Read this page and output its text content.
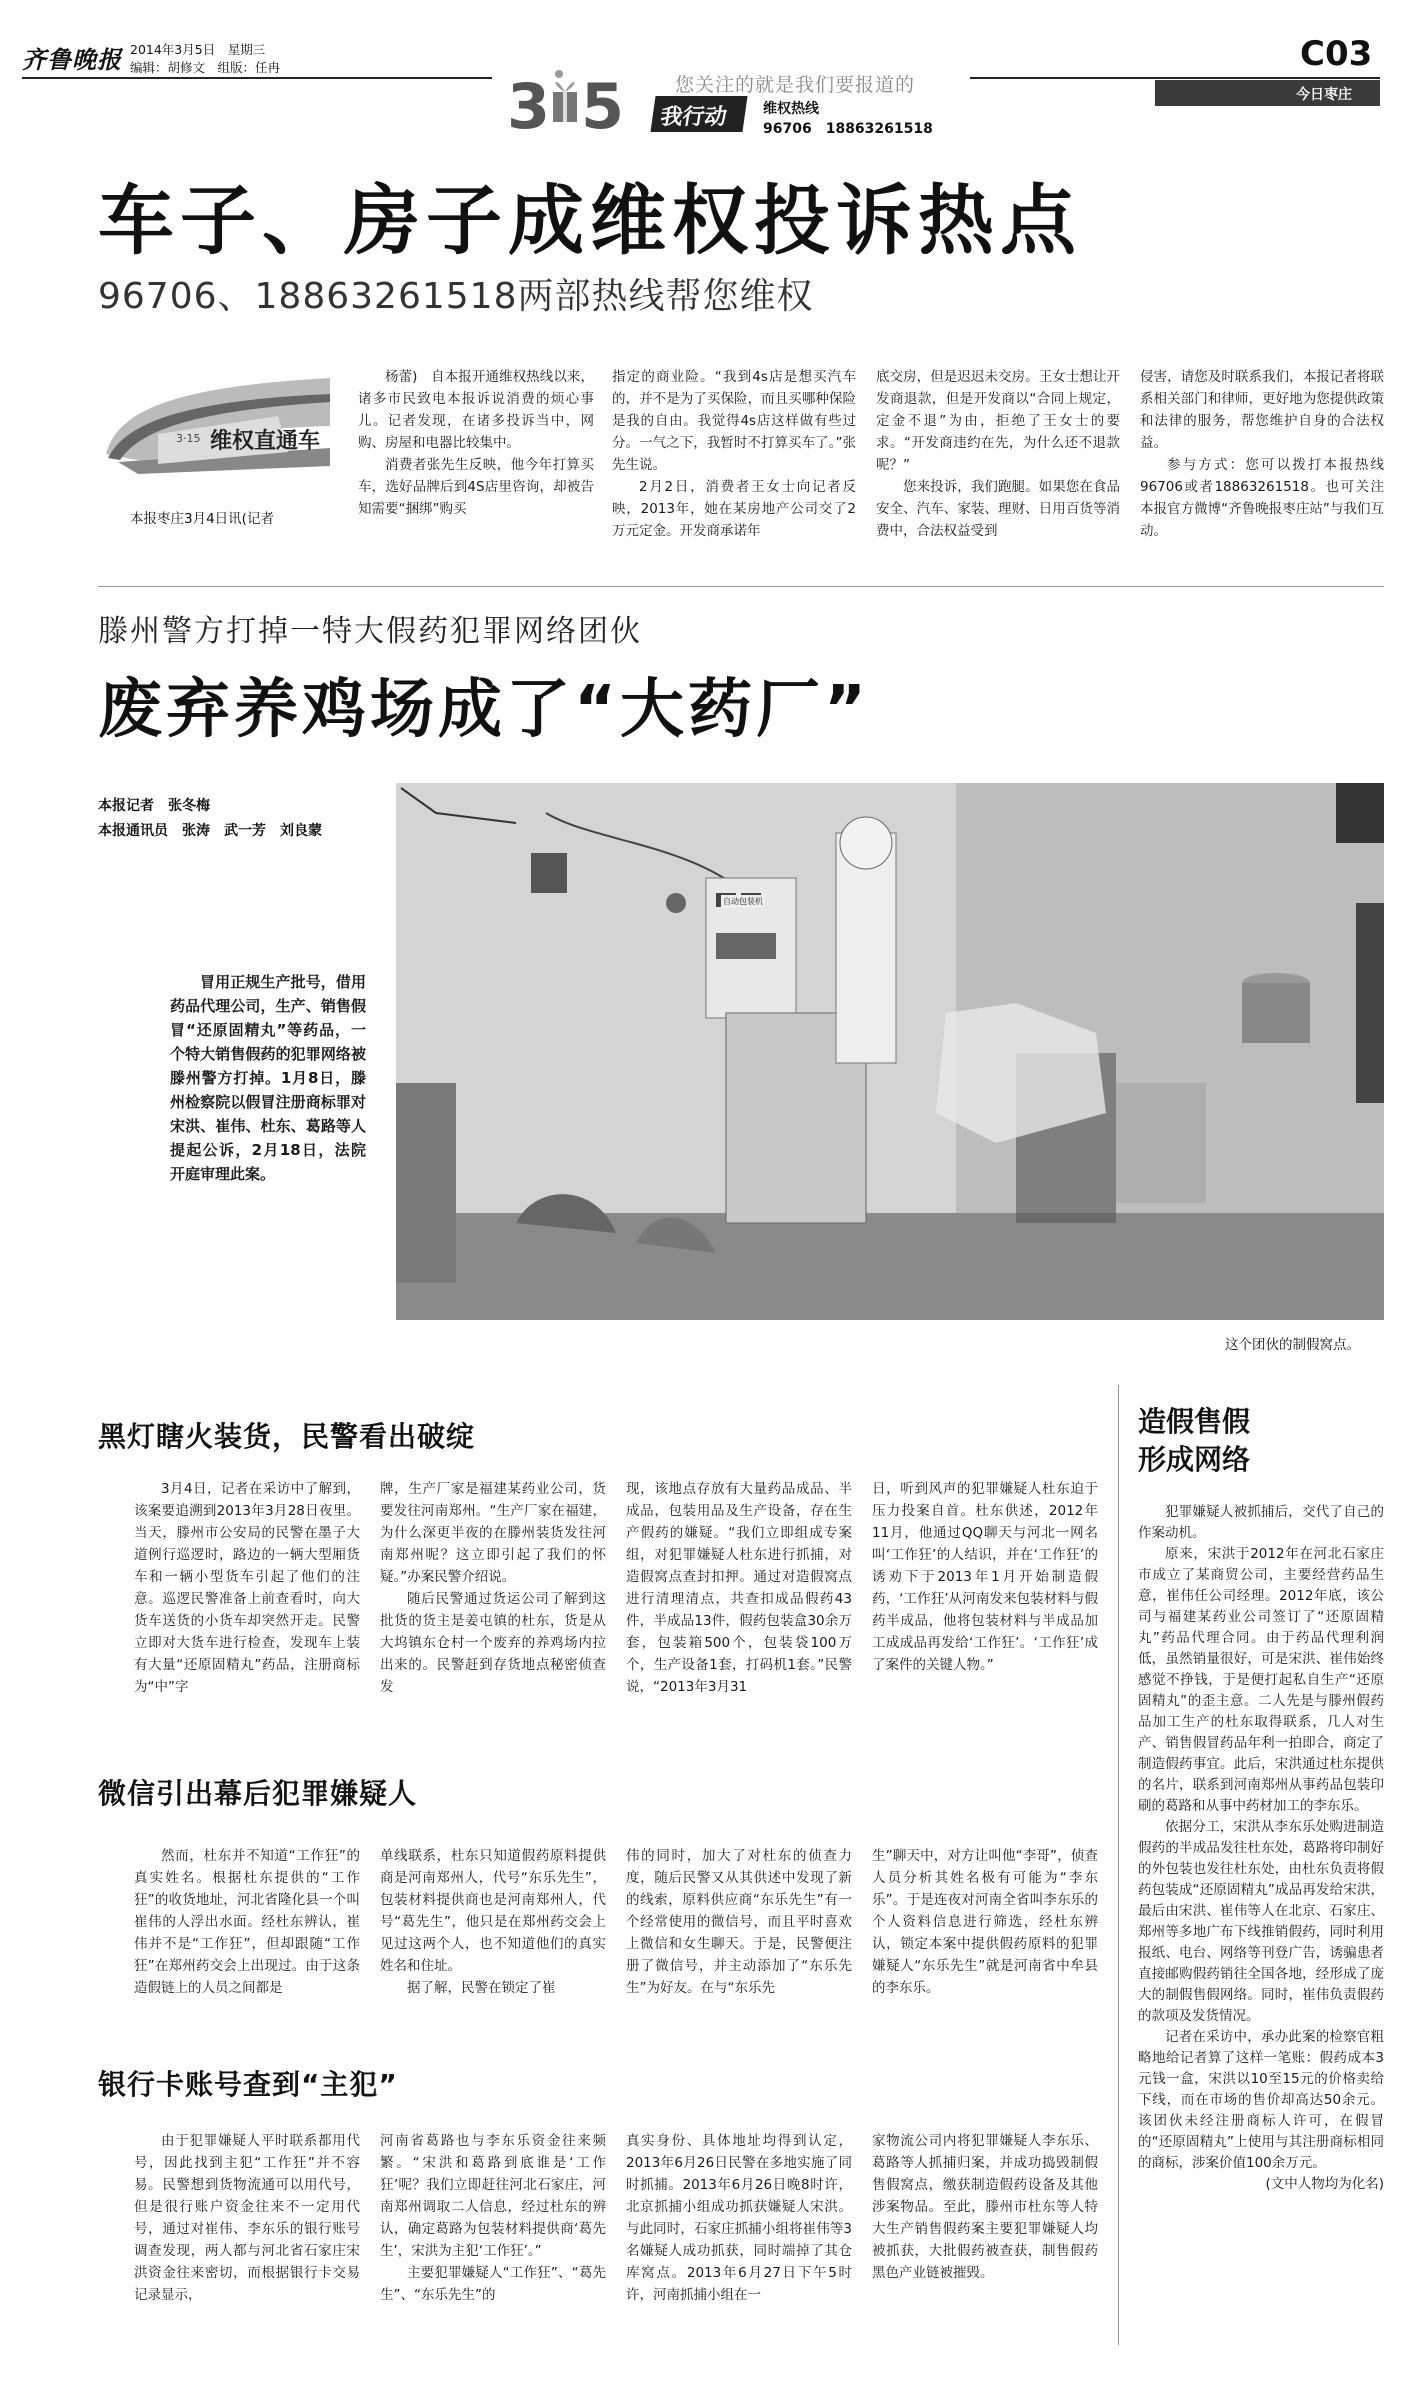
齐鲁晚报 2014年3月5日　星期三
编辑：胡修文　组版：任冉	C03
今日枣庄
3 5	您关注的就是我们要报道的
我行动 维权热线
96706　18863261518
车子、房子成维权投诉热点
96706、18863261518两部热线帮您维权
3·15 维权直通车
本报枣庄3月4日讯(记者

杨蕾)　自本报开通维权热线以来，诸多市民致电本报诉说消费的烦心事儿。记者发现，在诸多投诉当中，网购、房屋和电器比较集中。

消费者张先生反映，他今年打算买车，选好品牌后到4S店里咨询，却被告知需要“捆绑”购买

指定的商业险。“我到4s店是想买汽车的，并不是为了买保险，而且买哪种保险是我的自由。我觉得4s店这样做有些过分。一气之下，我暂时不打算买车了。”张先生说。

2月2日，消费者王女士向记者反映，2013年，她在某房地产公司交了2万元定金。开发商承诺年

底交房，但是迟迟未交房。王女士想让开发商退款，但是开发商以“合同上规定，定金不退”为由，拒绝了王女士的要求。“开发商违约在先，为什么还不退款呢？”

您来投诉，我们跑腿。如果您在食品安全、汽车、家装、理财、日用百货等消费中，合法权益受到

侵害，请您及时联系我们，本报记者将联系相关部门和律师，更好地为您提供政策和法律的服务，帮您维护自身的合法权益。

参与方式：您可以拨打本报热线96706或者18863261518。也可关注本报官方微博“齐鲁晚报枣庄站”与我们互动。

滕州警方打掉一特大假药犯罪网络团伙
废弃养鸡场成了“大药厂”
本报记者　张冬梅
本报通讯员　张涛　武一芳　刘良蒙

冒用正规生产批号，借用药品代理公司，生产、销售假冒“还原固精丸”等药品，一个特大销售假药的犯罪网络被滕州警方打掉。1月8日，滕州检察院以假冒注册商标罪对宋洪、崔伟、杜东、葛路等人提起公诉，2月18日，法院开庭审理此案。

自动包装机
这个团伙的制假窝点。
黑灯瞎火装货，民警看出破绽

3月4日，记者在采访中了解到，该案要追溯到2013年3月28日夜里。当天，滕州市公安局的民警在墨子大道例行巡逻时，路边的一辆大型厢货车和一辆小型货车引起了他们的注意。巡逻民警准备上前查看时，向大货车送货的小货车却突然开走。民警立即对大货车进行检查，发现车上装有大量“还原固精丸”药品，注册商标为“中”字

牌，生产厂家是福建某药业公司，货要发往河南郑州。“生产厂家在福建，为什么深更半夜的在滕州装货发往河南郑州呢？这立即引起了我们的怀疑。”办案民警介绍说。

随后民警通过货运公司了解到这批货的货主是姜屯镇的杜东，货是从大坞镇东仓村一个废弃的养鸡场内拉出来的。民警赶到存货地点秘密侦查发

现，该地点存放有大量药品成品、半成品，包装用品及生产设备，存在生产假药的嫌疑。“我们立即组成专案组，对犯罪嫌疑人杜东进行抓捕，对造假窝点查封扣押。通过对造假窝点进行清理清点，共查扣成品假药43件，半成品13件，假药包装盒30余万套，包装箱500个，包装袋100万个，生产设备1套，打码机1套。”民警说，“2013年3月31

日，听到风声的犯罪嫌疑人杜东迫于压力投案自首。杜东供述，2012年11月，他通过QQ聊天与河北一网名叫‘工作狂’的人结识，并在‘工作狂’的诱劝下于2013年1月开始制造假药，‘工作狂’从河南发来包装材料与假药半成品，他将包装材料与半成品加工成成品再发给‘工作狂’。‘工作狂’成了案件的关键人物。”

微信引出幕后犯罪嫌疑人

然而，杜东并不知道“工作狂”的真实姓名。根据杜东提供的“工作狂”的收货地址，河北省隆化县一个叫崔伟的人浮出水面。经杜东辨认，崔伟并不是“工作狂”，但却跟随“工作狂”在郑州药交会上出现过。由于这条造假链上的人员之间都是

单线联系，杜东只知道假药原料提供商是河南郑州人，代号“东乐先生”，包装材料提供商也是河南郑州人，代号“葛先生”，他只是在郑州药交会上见过这两个人，也不知道他们的真实姓名和住址。

据了解，民警在锁定了崔

伟的同时，加大了对杜东的侦查力度，随后民警又从其供述中发现了新的线索，原料供应商“东乐先生”有一个经常使用的微信号，而且平时喜欢上微信和女生聊天。于是，民警便注册了微信号，并主动添加了“东乐先生”为好友。在与“东乐先

生”聊天中，对方让叫他“李哥”，侦查人员分析其姓名极有可能为“李东乐”。于是连夜对河南全省叫李东乐的个人资料信息进行筛选，经杜东辨认，锁定本案中提供假药原料的犯罪嫌疑人“东乐先生”就是河南省中牟县的李东乐。

银行卡账号查到“主犯”

由于犯罪嫌疑人平时联系都用代号，因此找到主犯“工作狂”并不容易。民警想到货物流通可以用代号，但是很行账户资金往来不一定用代号，通过对崔伟、李东乐的银行账号调查发现，两人都与河北省石家庄宋洪资金往来密切，而根据银行卡交易记录显示，

河南省葛路也与李东乐资金往来频繁。“宋洪和葛路到底谁是‘工作狂’呢？我们立即赶往河北石家庄，河南郑州调取二人信息，经过杜东的辨认，确定葛路为包装材料提供商‘葛先生’，宋洪为主犯‘工作狂’。”

主要犯罪嫌疑人“工作狂”、“葛先生”、“东乐先生”的

真实身份、具体地址均得到认定，2013年6月26日民警在多地实施了同时抓捕。2013年6月26日晚8时许，北京抓捕小组成功抓获嫌疑人宋洪。与此同时，石家庄抓捕小组将崔伟等3名嫌疑人成功抓获，同时端掉了其仓库窝点。2013年6月27日下午5时许，河南抓捕小组在一

家物流公司内将犯罪嫌疑人李东乐、葛路等人抓捕归案，并成功捣毁制假售假窝点，缴获制造假药设备及其他涉案物品。至此，滕州市杜东等人特大生产销售假药案主要犯罪嫌疑人均被抓获，大批假药被查获，制售假药黑色产业链被摧毁。

造假售假
形成网络

犯罪嫌疑人被抓捕后，交代了自己的作案动机。

原来，宋洪于2012年在河北石家庄市成立了某商贸公司，主要经营药品生意，崔伟任公司经理。2012年底，该公司与福建某药业公司签订了“还原固精丸”药品代理合同。由于药品代理利润低，虽然销量很好，可是宋洪、崔伟始终感觉不挣钱，于是便打起私自生产“还原固精丸”的歪主意。二人先是与滕州假药品加工生产的杜东取得联系，几人对生产、销售假冒药品年利一拍即合，商定了制造假药事宜。此后，宋洪通过杜东提供的名片，联系到河南郑州从事药品包装印刷的葛路和从事中药材加工的李东乐。

依据分工，宋洪从李东乐处购进制造假药的半成品发往杜东处，葛路将印制好的外包装也发往杜东处，由杜东负责将假药包装成“还原固精丸”成品再发给宋洪，最后由宋洪、崔伟等人在北京、石家庄、郑州等多地广布下线推销假药，同时利用报纸、电台、网络等刊登广告，诱骗患者直接邮购假药销往全国各地，经形成了庞大的制假售假网络。同时，崔伟负责假药的款项及发货情况。

记者在采访中，承办此案的检察官粗略地给记者算了这样一笔账：假药成本3元钱一盒，宋洪以10至15元的价格卖给下线，而在市场的售价却高达50余元。该团伙未经注册商标人许可，在假冒的“还原固精丸”上使用与其注册商标相同的商标，涉案价值100余万元。

(文中人物均为化名)
